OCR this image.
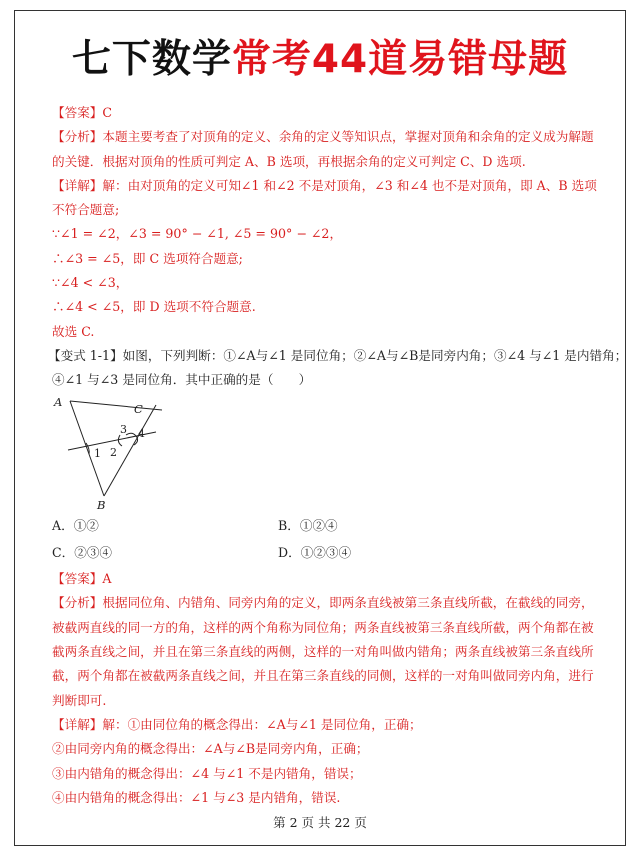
七下数学常考44道易错母题
【答案】C
【分析】本题主要考查了对顶角的定义、余角的定义等知识点，掌握对顶角和余角的定义成为解题
的关键．根据对顶角的性质可判定 A、B 选项，再根据余角的定义可判定 C、D 选项.
【详解】解：由对顶角的定义可知∠1 和∠2 不是对顶角，∠3 和∠4 也不是对顶角，即 A、B 选项
不符合题意;
∵∠1 = ∠2，∠3 = 90° − ∠1, ∠5 = 90° − ∠2，
∴∠3 = ∠5，即 C 选项符合题意;
∵∠4 < ∠3，
∴∠4 < ∠5，即 D 选项不符合题意.
故选 C.
【变式 1-1】如图，下列判断：①∠A与∠1 是同位角；②∠A与∠B是同旁内角；③∠4 与∠1 是内错角；
④∠1 与∠3 是同位角．其中正确的是（　　）
A	C
B
1 2
3 4
A．①②	B．①②④
C．②③④	D．①②③④
【答案】A
【分析】根据同位角、内错角、同旁内角的定义，即两条直线被第三条直线所截，在截线的同旁，
被截两直线的同一方的角，这样的两个角称为同位角；两条直线被第三条直线所截，两个角都在被
截两条直线之间，并且在第三条直线的两侧，这样的一对角叫做内错角；两条直线被第三条直线所
截，两个角都在被截两条直线之间，并且在第三条直线的同侧，这样的一对角叫做同旁内角，进行
判断即可.
【详解】解：①由同位角的概念得出：∠A与∠1 是同位角，正确；
②由同旁内角的概念得出：∠A与∠B是同旁内角，正确；
③由内错角的概念得出：∠4 与∠1 不是内错角，错误；
④由内错角的概念得出：∠1 与∠3 是内错角，错误.
第 2 页 共 22 页
